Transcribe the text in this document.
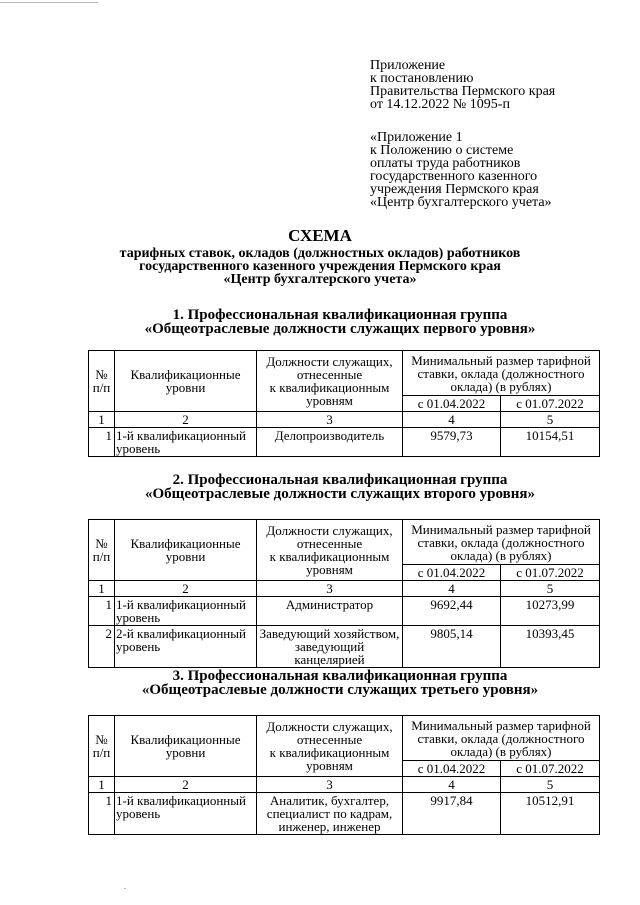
Приложение
к постановлению
Правительства Пермского края
от 14.12.2022 № 1095-п
«Приложение 1
к Положению о системе
оплаты труда работников
государственного казенного
учреждения Пермского края
«Центр бухгалтерского учета»
СХЕМА
тарифных ставок, окладов (должностных окладов) работников
государственного казенного учреждения Пермского края
«Центр бухгалтерского учета»
1. Профессиональная квалификационная группа
«Общеотраслевые должности служащих первого уровня»
№
п/п	Квалификационные
уровни	Должности служащих,
отнесенные
к квалификационным
уровням	Минимальный размер тарифной
ставки, оклада (должностного
оклада) (в рублях)	
			с 01.04.2022	с 01.07.2022
1	2	3	4	5
1	1-й квалификационный
уровень	Делопроизводитель	9579,73	10154,51
2. Профессиональная квалификационная группа
«Общеотраслевые должности служащих второго уровня»
№
п/п	Квалификационные
уровни	Должности служащих,
отнесенные
к квалификационным
уровням	Минимальный размер тарифной
ставки, оклада (должностного
оклада) (в рублях)	
			с 01.04.2022	с 01.07.2022
1	2	3	4	5
1	1-й квалификационный
уровень	Администратор	9692,44	10273,99
2	2-й квалификационный
уровень	Заведующий хозяйством,
заведующий канцелярией	9805,14	10393,45
3. Профессиональная квалификационная группа
«Общеотраслевые должности служащих третьего уровня»
№
п/п	Квалификационные
уровни	Должности служащих,
отнесенные
к квалификационным
уровням	Минимальный размер тарифной
ставки, оклада (должностного
оклада) (в рублях)	
			с 01.04.2022	с 01.07.2022
1	2	3	4	5
1	1-й квалификационный
уровень	Аналитик, бухгалтер,
специалист по кадрам,
инженер, инженер	9917,84	10512,91
